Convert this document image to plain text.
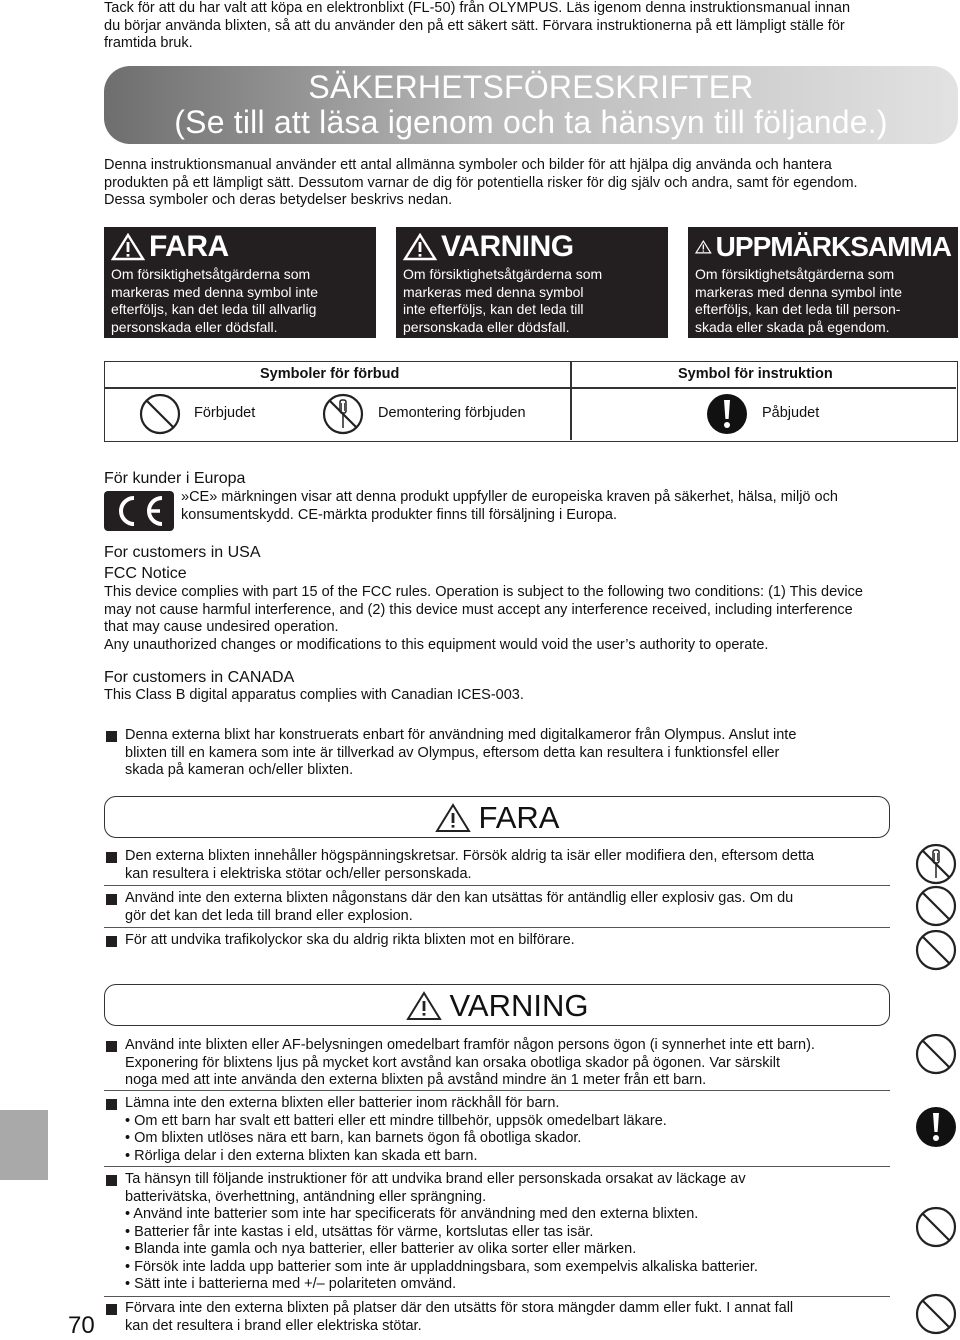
Tack för att du har valt att köpa en elektronblixt (FL-50) från OLYMPUS. Läs igenom denna instruktionsmanual innan

du börjar använda blixten, så att du använder den på ett säkert sätt. Förvara instruktionerna på ett lämpligt ställe för

framtida bruk.

SÄKERHETSFÖRESKRIFTER

(Se till att läsa igenom och ta hänsyn till följande.)

Denna instruktionsmanual använder ett antal allmänna symboler och bilder för att hjälpa dig använda och hantera

produkten på ett lämpligt sätt. Dessutom varnar de dig för potentiella risker för dig själv och andra, samt för egendom.

Dessa symboler och deras betydelser beskrivs nedan.

FARA

Om försiktighetsåtgärderna som

markeras med denna symbol inte

efterföljs, kan det leda till allvarlig

personskada eller dödsfall.

VARNING

Om försiktighetsåtgärderna som

markeras med denna symbol

inte efterföljs, kan det leda till

personskada eller dödsfall.

UPPMÄRKSAMMA

Om försiktighetsåtgärderna som

markeras med denna symbol inte

efterföljs, kan det leda till person-

skada eller skada på egendom.

Symboler för förbud	Symbol för instruktion
Förbjudet	Demontering förbjuden	Påbjudet

För kunder i Europa

»CE» märkningen visar att denna produkt uppfyller de europeiska kraven på säkerhet, hälsa, miljö och

konsumentskydd. CE-märkta produkter finns till försäljning i Europa.

For customers in USA

FCC Notice

This device complies with part 15 of the FCC rules. Operation is subject to the following two conditions: (1) This device

may not cause harmful interference, and (2) this device must accept any interference received, including interference

that may cause undesired operation.

Any unauthorized changes or modifications to this equipment would void the user’s authority to operate.

For customers in CANADA

This Class B digital apparatus complies with Canadian ICES-003.

Denna externa blixt har konstruerats enbart för användning med digitalkameror från Olympus. Anslut inte

blixten till en kamera som inte är tillverkad av Olympus, eftersom detta kan resultera i funktionsfel eller

skada på kameran och/eller blixten.

FARA

Den externa blixten innehåller högspänningskretsar. Försök aldrig ta isär eller modifiera den, eftersom detta

kan resultera i elektriska stötar och/eller personskada.

Använd inte den externa blixten någonstans där den kan utsättas för antändlig eller explosiv gas. Om du

gör det kan det leda till brand eller explosion.

För att undvika trafikolyckor ska du aldrig rikta blixten mot en bilförare.

VARNING

Använd inte blixten eller AF-belysningen omedelbart framför någon persons ögon (i synnerhet inte ett barn).

Exponering för blixtens ljus på mycket kort avstånd kan orsaka obotliga skador på ögonen. Var särskilt

noga med att inte använda den externa blixten på avstånd mindre än 1 meter från ett barn.

Lämna inte den externa blixten eller batterier inom räckhåll för barn.

• Om ett barn har svalt ett batteri eller ett mindre tillbehör, uppsök omedelbart läkare.

• Om blixten utlöses nära ett barn, kan barnets ögon få obotliga skador.

• Rörliga delar i den externa blixten kan skada ett barn.

Ta hänsyn till följande instruktioner för att undvika brand eller personskada orsakat av läckage av

batterivätska, överhettning, antändning eller sprängning.

• Använd inte batterier som inte har specificerats för användning med den externa blixten.

• Batterier får inte kastas i eld, utsättas för värme, kortslutas eller tas isär.

• Blanda inte gamla och nya batterier, eller batterier av olika sorter eller märken.

• Försök inte ladda upp batterier som inte är uppladdningsbara, som exempelvis alkaliska batterier.

• Sätt inte i batterierna med +/– polariteten omvänd.

Förvara inte den externa blixten på platser där den utsätts för stora mängder damm eller fukt. I annat fall

kan det resultera i brand eller elektriska stötar.

70
